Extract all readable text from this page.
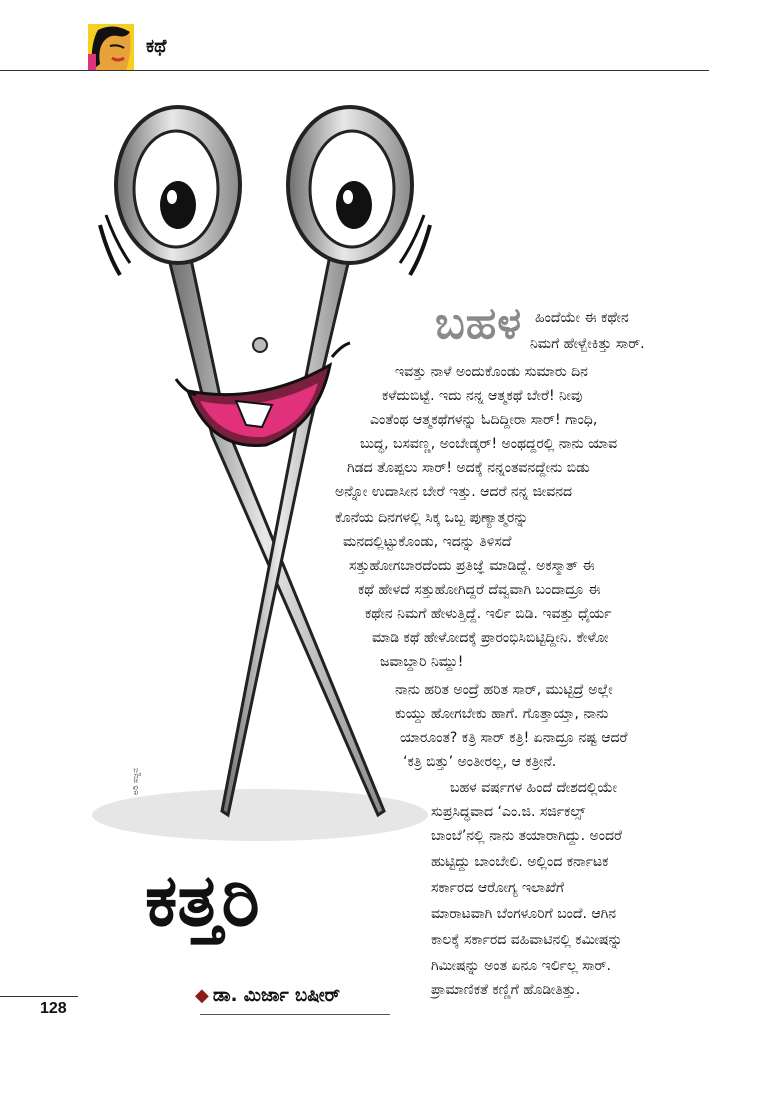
ಕಥೆ
ಅರಿ ಸಜ್ಜನ
ಬಹಳ ಹಿಂದೆಯೇ ಈ ಕಥೇನ
ನಿಮಗೆ ಹೇಳ್ಬೇಕಿತ್ತು ಸಾರ್.
ಇವತ್ತು ನಾಳೆ ಅಂದುಕೊಂಡು ಸುಮಾರು ದಿನ
ಕಳೆದುಬಿಟ್ಟೆ. ಇದು ನನ್ನ ಆತ್ಮಕಥೆ ಬೇರೆ! ನೀವು
ಎಂತೆಂಥ ಆತ್ಮಕಥೆಗಳನ್ನು ಓದಿದ್ದೀರಾ ಸಾರ್! ಗಾಂಧಿ,
ಬುದ್ಧ, ಬಸವಣ್ಣ, ಅಂಬೇಡ್ಕರ್! ಅಂಥದ್ದರಲ್ಲಿ ನಾನು ಯಾವ
ಗಿಡದ ತೊಪ್ಪಲು ಸಾರ್! ಅದಕ್ಕೆ ನನ್ನಂತವನದ್ದೇನು ಬಿಡು
ಅನ್ನೋ ಉದಾಸೀನ ಬೇರೆ ಇತ್ತು. ಆದರೆ ನನ್ನ ಜೀವನದ
ಕೊನೆಯ ದಿನಗಳಲ್ಲಿ ಸಿಕ್ಕ ಒಬ್ಬ ಪುಣ್ಯಾತ್ಮರನ್ನು
ಮನದಲ್ಲಿಟ್ಟುಕೊಂಡು, ಇದನ್ನು ತಿಳಿಸದೆ
ಸತ್ತುಹೋಗಬಾರದೆಂದು ಪ್ರತಿಜ್ಞೆ ಮಾಡಿದ್ದೆ. ಅಕಸ್ಮಾತ್ ಈ
ಕಥೆ ಹೇಳದೆ ಸತ್ತುಹೋಗಿದ್ದರೆ ದೆವ್ವವಾಗಿ ಬಂದಾದ್ರೂ ಈ
ಕಥೇನ ನಿಮಗೆ ಹೇಳುತ್ತಿದ್ದೆ. ಇರ್ಲಿ ಬಿಡಿ. ಇವತ್ತು ಧೈರ್ಯ
ಮಾಡಿ ಕಥೆ ಹೇಳೋದಕ್ಕೆ ಪ್ರಾರಂಭಿಸಿಬಿಟ್ಟಿದ್ದೀನಿ. ಕೇಳೋ
ಜವಾಬ್ದಾರಿ ನಿಮ್ದು!
ನಾನು ಹರಿತ ಅಂದ್ರೆ ಹರಿತ ಸಾರ್, ಮುಟ್ಟಿದ್ರೆ ಅಲ್ಲೇ
ಕುಯ್ದು ಹೋಗಬೇಕು ಹಾಗೆ. ಗೊತ್ತಾಯ್ತಾ, ನಾನು
ಯಾರೂಂತ? ಕತ್ರಿ ಸಾರ್ ಕತ್ರಿ! ಏನಾದ್ರೂ ನಷ್ಟ ಆದರೆ
‘ಕತ್ರಿ ಬಿತ್ತು’ ಅಂತೀರಲ್ಲ, ಆ ಕತ್ರೀನೆ.
ಬಹಳ ವರ್ಷಗಳ ಹಿಂದೆ ದೇಶದಲ್ಲಿಯೇ
ಸುಪ್ರಸಿದ್ಧವಾದ ‘ಎಂ.ಜಿ. ಸರ್ಜಿಕಲ್ಸ್
ಬಾಂಬೆ’ನಲ್ಲಿ ನಾನು ತಯಾರಾಗಿದ್ದು. ಅಂದರೆ
ಹುಟ್ಟಿದ್ದು ಬಾಂಬೇಲಿ. ಅಲ್ಲಿಂದ ಕರ್ನಾಟಕ
ಸರ್ಕಾರದ ಆರೋಗ್ಯ ಇಲಾಖೆಗೆ
ಮಾರಾಟವಾಗಿ ಬೆಂಗಳೂರಿಗೆ ಬಂದೆ. ಆಗಿನ
ಕಾಲಕ್ಕೆ ಸರ್ಕಾರದ ವಹಿವಾಟಿನಲ್ಲಿ ಕಮೀಷನ್ನು
ಗಿಮೀಷನ್ನು ಅಂತ ಏನೂ ಇರ್ಲಿಲ್ಲ ಸಾರ್.
ಪ್ರಾಮಾಣಿಕತೆ ಕಣ್ಣಿಗೆ ಹೊಡೀತಿತ್ತು.
ಕತ್ತರಿ
◆ ಡಾ. ಮಿರ್ಜಾ ಬಷೀರ್
128
